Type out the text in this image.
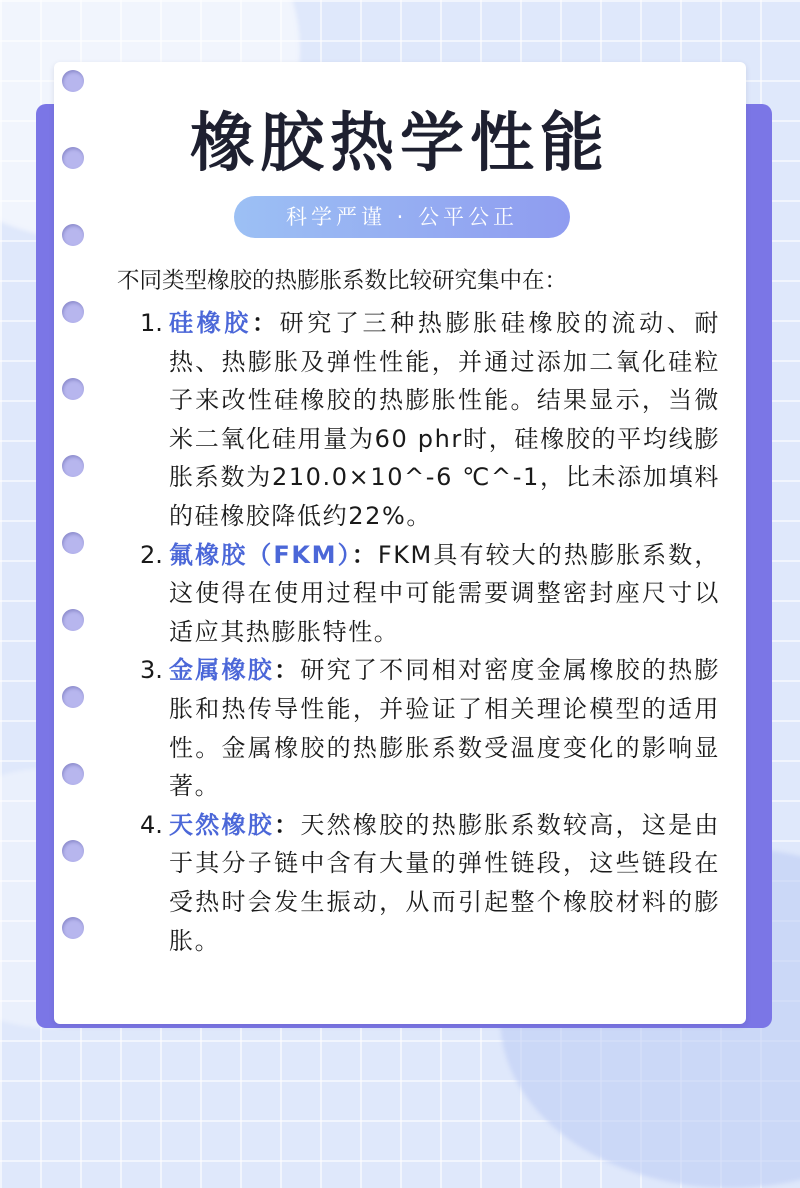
橡胶热学性能
科学严谨 · 公平公正

不同类型橡胶的热膨胀系数比较研究集中在：

1. 硅橡胶：研究了三种热膨胀硅橡胶的流动、耐热、热膨胀及弹性性能，并通过添加二氧化硅粒子来改性硅橡胶的热膨胀性能。结果显示，当微米二氧化硅用量为60 phr时，硅橡胶的平均线膨胀系数为210.0×10^-6 ℃^-1，比未添加填料的硅橡胶降低约22%。
2. 氟橡胶（FKM）：FKM具有较大的热膨胀系数，这使得在使用过程中可能需要调整密封座尺寸以适应其热膨胀特性。
3. 金属橡胶：研究了不同相对密度金属橡胶的热膨胀和热传导性能，并验证了相关理论模型的适用性。金属橡胶的热膨胀系数受温度变化的影响显著。
4. 天然橡胶：天然橡胶的热膨胀系数较高，这是由于其分子链中含有大量的弹性链段，这些链段在受热时会发生振动，从而引起整个橡胶材料的膨胀。
